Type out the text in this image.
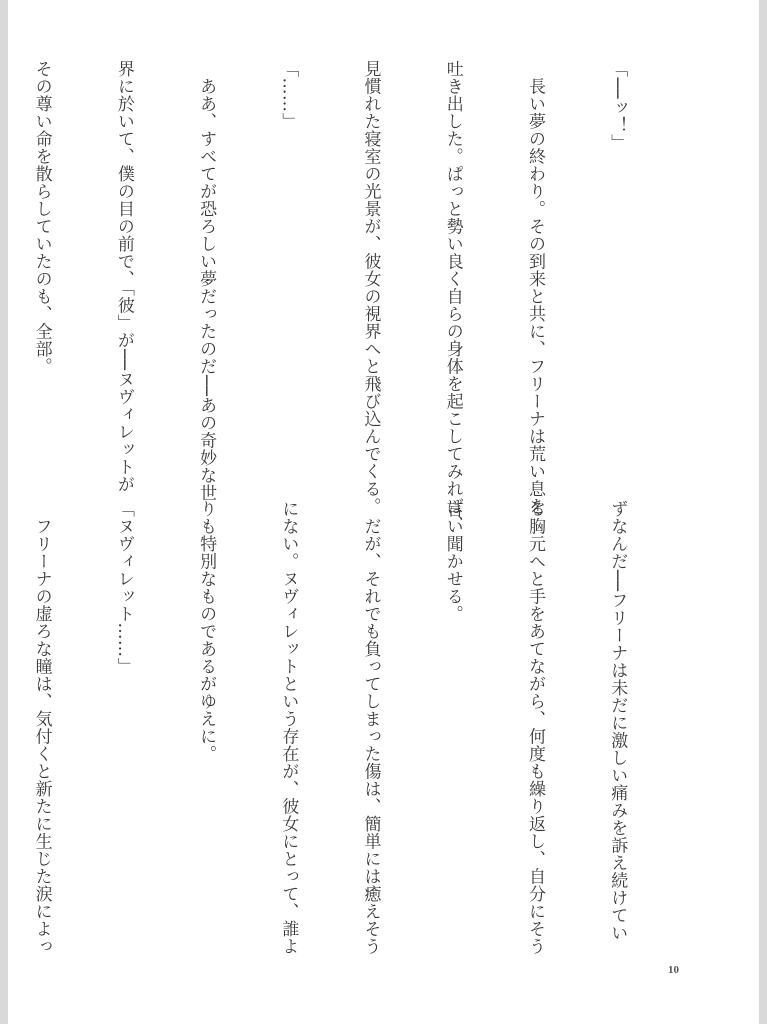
「──ッ！」

　長い夢の終わり。その到来と共に、フリーナは荒い息を

吐き出した。ぱっと勢い良く自らの身体を起こしてみれば、

見慣れた寝室の光景が、彼女の視界へと飛び込んでくる。

「……」

　ああ、すべてが恐ろしい夢だったのだ──あの奇妙な世

界に於いて、僕の目の前で、「彼」が──ヌヴィレットが

その尊い命を散らしていたのも、全部。

ずなんだ──フリーナは未だに激しい痛みを訴え続けてい

る胸元へと手をあてながら、何度も繰り返し、自分にそう

言い聞かせる。

　だが、それでも負ってしまった傷は、簡単には癒えそう

にない。ヌヴィレットという存在が、彼女にとって、誰よ

りも特別なものであるがゆえに。

「ヌヴィレット……」

　フリーナの虚ろな瞳は、気付くと新たに生じた涙によっ

10
